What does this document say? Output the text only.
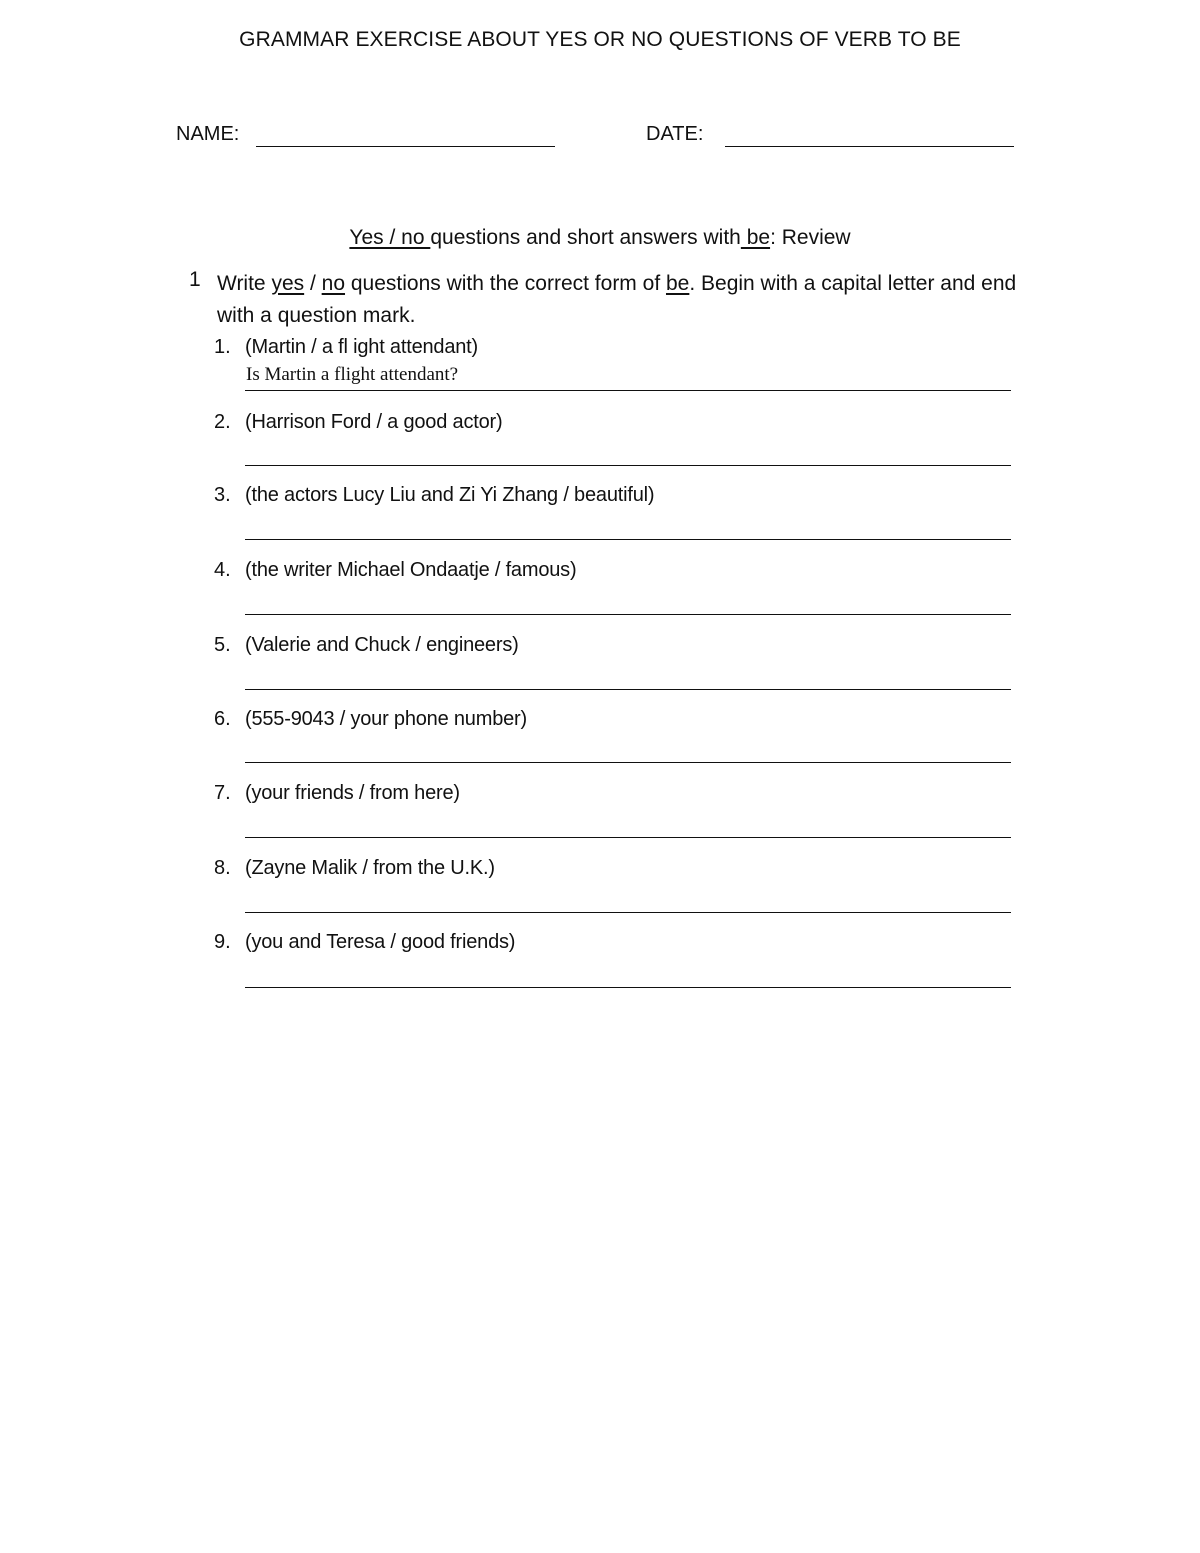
GRAMMAR EXERCISE ABOUT YES OR NO QUESTIONS OF VERB TO BE
NAME:	DATE:
Yes / no questions and short answers with be: Review
1 Write yes / no questions with the correct form of be. Begin with a capital letter and end with a question mark.
1. (Martin / a fl ight attendant)
Is Martin a flight attendant?
2. (Harrison Ford / a good actor)
3. (the actors Lucy Liu and Zi Yi Zhang / beautiful)
4. (the writer Michael Ondaatje / famous)
5. (Valerie and Chuck / engineers)
6. (555-9043 / your phone number)
7. (your friends / from here)
8. (Zayne Malik / from the U.K.)
9. (you and Teresa / good friends)
